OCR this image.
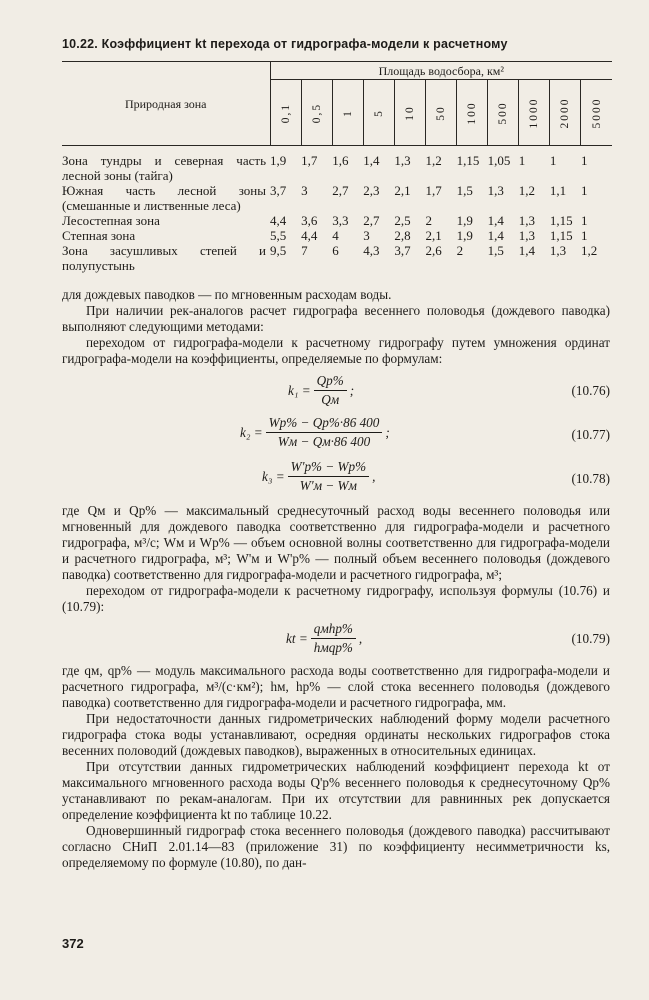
10.22. Коэффициент kt перехода от гидрографа-модели к расчетному
Природная зона	Площадь водосбора, км²										

	0,1	0,5	1	5	10	50	100	500	1000	2000	5000

Зона тундры и северная часть лесной зоны (тайга)	1,9	1,7	1,6	1,4	1,3	1,2	1,15	1,05	1	1	1
Южная часть лесной зоны (смешанные и лиственные леса)	3,7	3	2,7	2,3	2,1	1,7	1,5	1,3	1,2	1,1	1
Лесостепная зона	4,4	3,6	3,3	2,7	2,5	2	1,9	1,4	1,3	1,15	1
Степная зона	5,5	4,4	4	3	2,8	2,1	1,9	1,4	1,3	1,15	1
Зона засушливых степей и полупустынь	9,5	7	6	4,3	3,7	2,6	2	1,5	1,4	1,3	1,2

для дождевых паводков — по мгновенным расходам воды.

При наличии рек-аналогов расчет гидрографа весеннего половодья (дождевого паводка) выполняют следующими методами:

переходом от гидрографа-модели к расчетному гидрографу путем умножения ординат гидрографа-модели на коэффициенты, определяемые по формулам:

$k_1 = \frac{Qp\%}{Qм}$ ;	(10.76)
$k_2 = \frac{Wp\% - Qp\%\cdot 86 400}{Wм - Qм\cdot 86 400}$ ;	(10.77)
$k_3 = \frac{W'p\% - Wp\%}{W'м - Wм}$ ,	(10.78)

где Qм и Qp% — максимальный среднесуточный расход воды весеннего половодья или мгновенный для дождевого паводка соответственно для гидрографа-модели и расчетного гидрографа, м³/с; Wм и Wp% — объем основной волны соответственно для гидрографа-модели и расчетного гидрографа, м³; W'м и W'p% — полный объем весеннего половодья (дождевого паводка) соответственно для гидрографа-модели и расчетного гидрографа, м³;

переходом от гидрографа-модели к расчетному гидрографу, используя формулы (10.76) и (10.79):

kt = $\frac{\text{qмhp\%}}{\text{hмqp\%}}$ ,	(10.79)

где qм, qp% — модуль максимального расхода воды соответственно для гидрографа-модели и расчетного гидрографа, м³/(с·км²); hм, hp% — слой стока весеннего половодья (дождевого паводка) соответственно для гидрографа-модели и расчетного гидрографа, мм.

При недостаточности данных гидрометрических наблюдений форму модели расчетного гидрографа стока воды устанавливают, осредняя ординаты нескольких гидрографов стока весенних половодий (дождевых паводков), выраженных в относительных единицах.

При отсутствии данных гидрометрических наблюдений коэффициент перехода kt от максимального мгновенного расхода воды Q'p% весеннего половодья к среднесуточному Qp% устанавливают по рекам-аналогам. При их отсутствии для равнинных рек допускается определение коэффициента kt по таблице 10.22.

Одновершинный гидрограф стока весеннего половодья (дождевого паводка) рассчитывают согласно СНиП 2.01.14—83 (приложение 31) по коэффициенту несимметричности ks, определяемому по формуле (10.80), по дан-

372
